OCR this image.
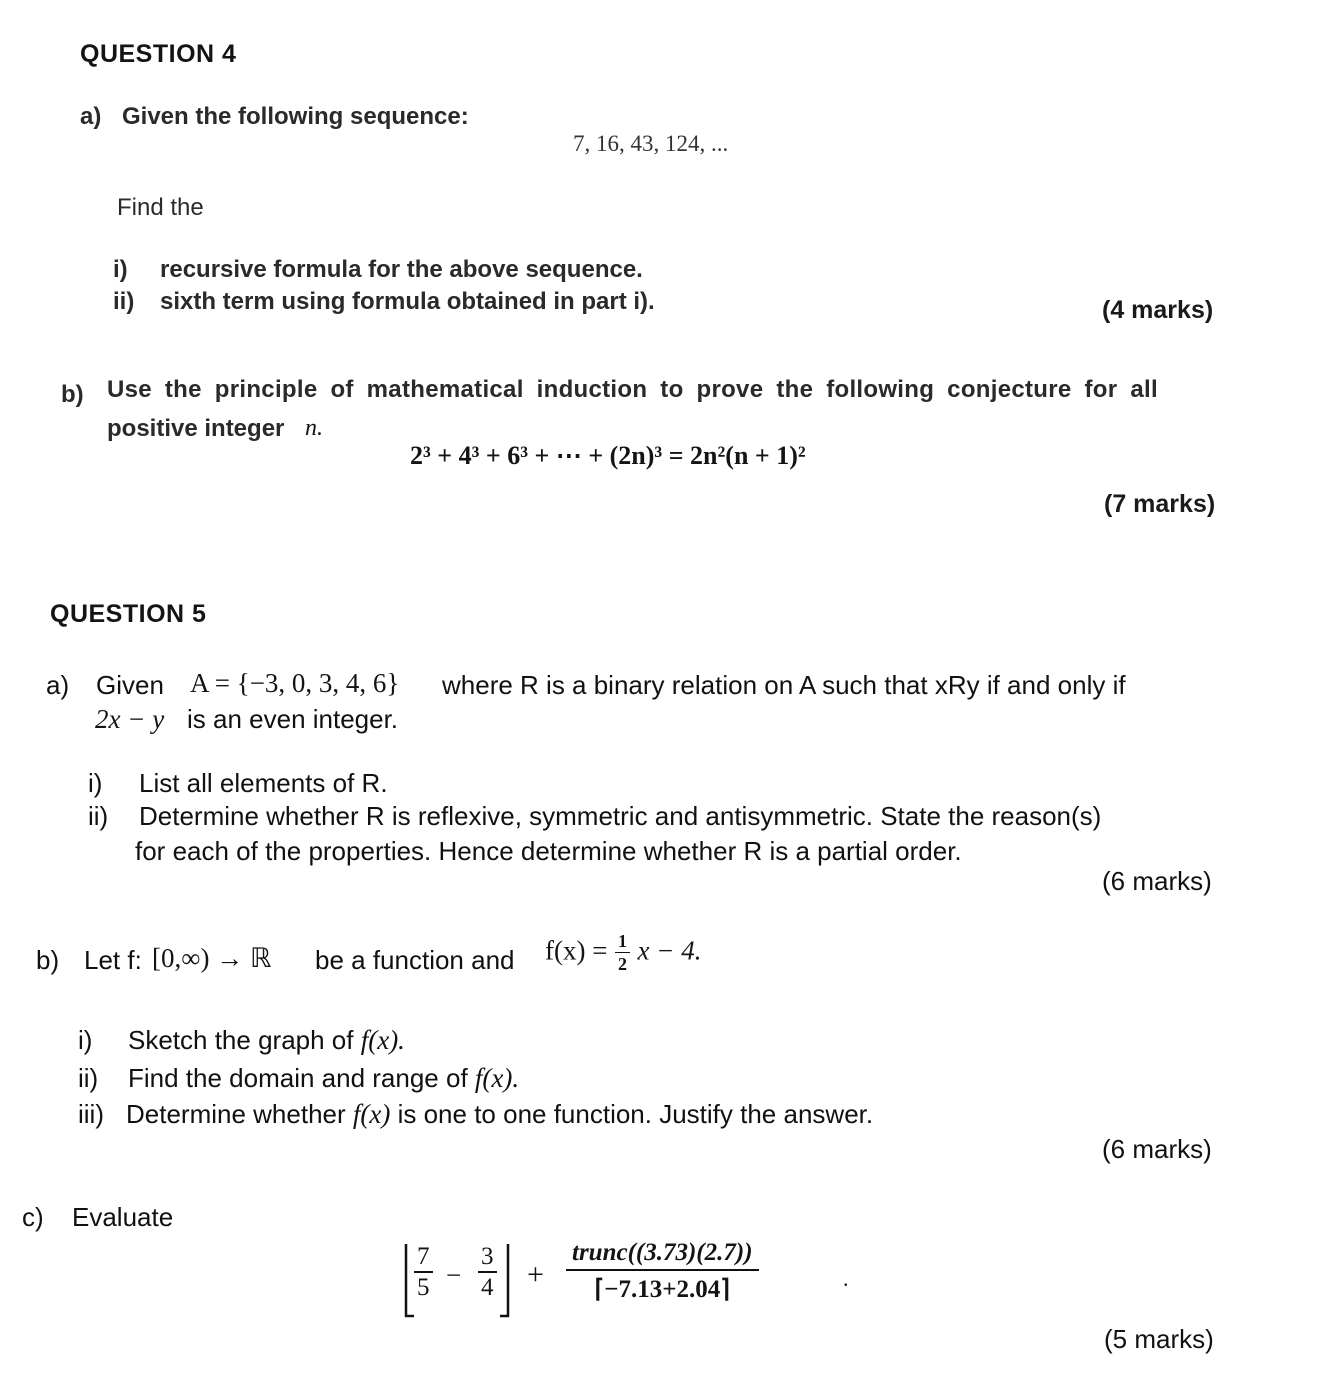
QUESTION 4
a) Given the following sequence:
7, 16, 43, 124, ...
Find the
i) recursive formula for the above sequence.
ii) sixth term using formula obtained in part i).	(4 marks)
b) Use the principle of mathematical induction to prove the following conjecture for all
positive integer n.
2³ + 4³ + 6³ + ⋯ + (2n)³ = 2n²(n + 1)²
(7 marks)
QUESTION 5
a) Given A = {−3, 0, 3, 4, 6} where R is a binary relation on A such that xRy if and only if
2x − y is an even integer.
i) List all elements of R.
ii) Determine whether R is reflexive, symmetric and antisymmetric. State the reason(s)
for each of the properties. Hence determine whether R is a partial order.
(6 marks)
b) Let f: [0,∞) → ℝ be a function and $f(x) = \frac{1}{2}$ x − 4.
i) Sketch the graph of f(x).
ii) Find the domain and range of f(x).
iii) Determine whether f(x) is one to one function. Justify the answer.
(6 marks)
c) Evaluate
$\frac{7}{5} - \frac{3}{4}$ +
trunc((3.73)(2.7))
⌈−7.13+2.04⌉	.
(5 marks)
